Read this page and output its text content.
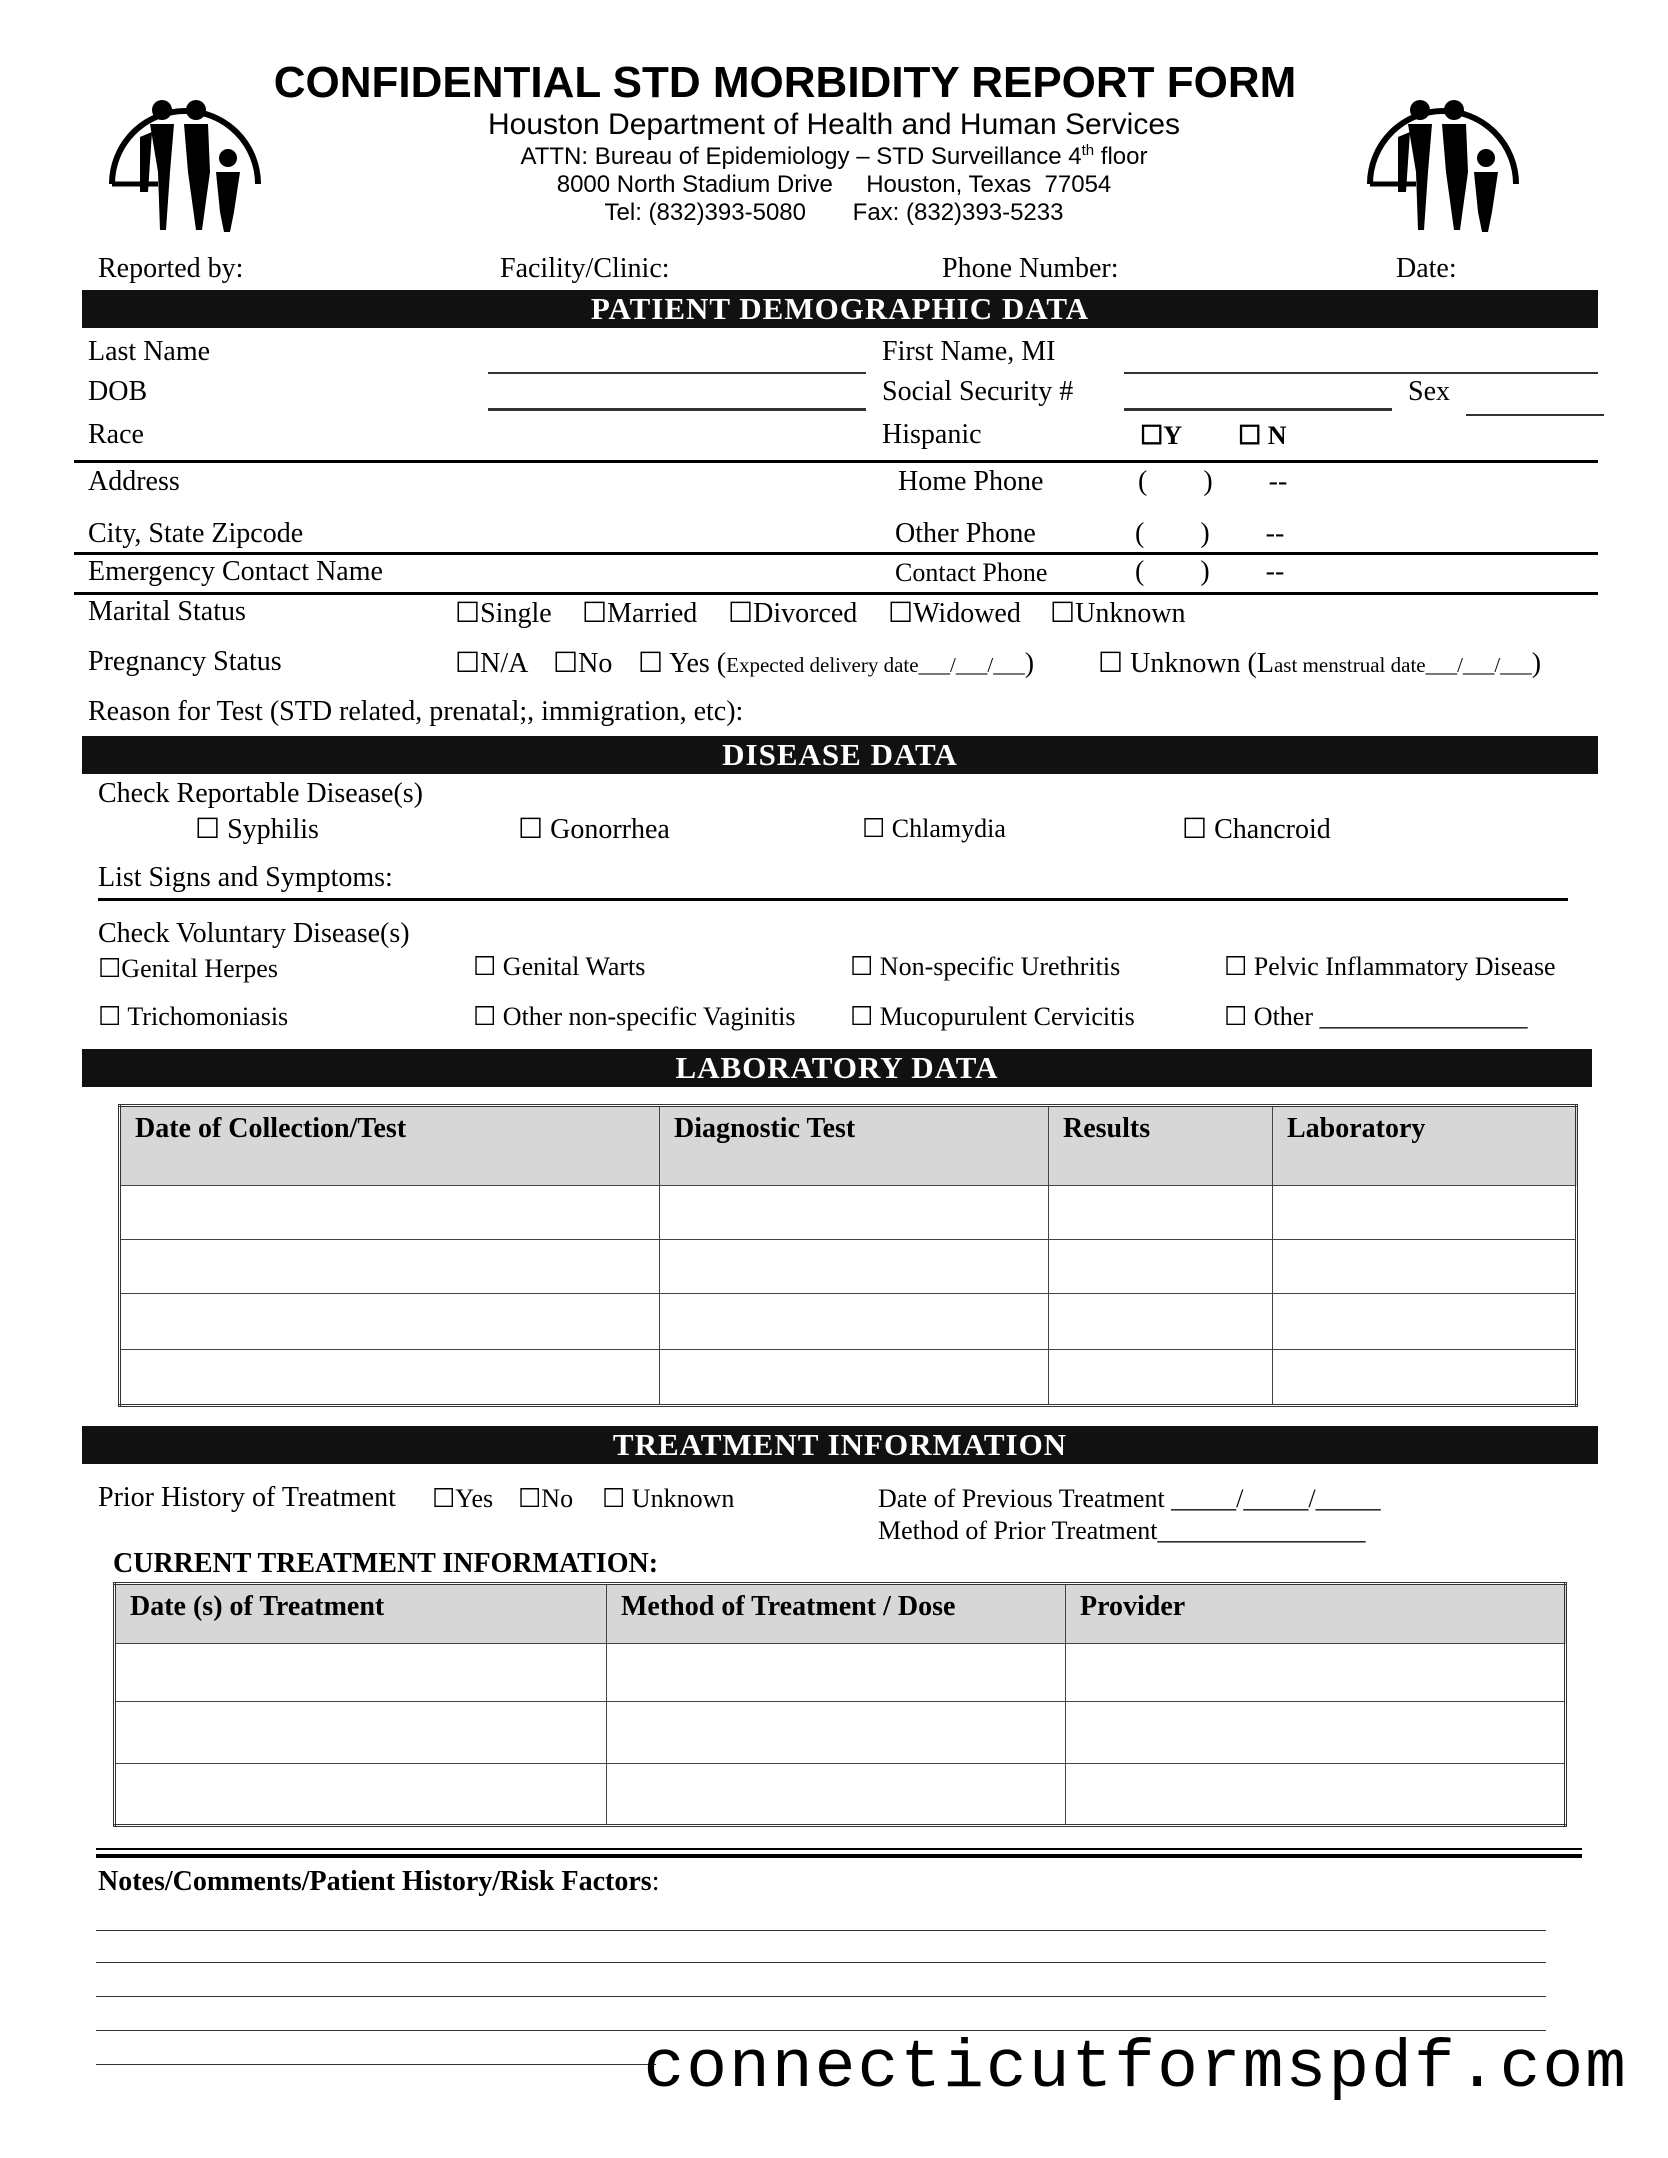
CONFIDENTIAL STD MORBIDITY REPORT FORM
Houston Department of Health and Human Services
ATTN: Bureau of Epidemiology – STD Surveillance 4th floor
8000 North Stadium Drive     Houston, Texas  77054
Tel: (832)393-5080       Fax: (832)393-5233
Reported by:	Facility/Clinic:	Phone Number:	Date:
PATIENT DEMOGRAPHIC DATA
Last Name	First Name, MI
DOB	Social Security #	Sex
Race	Hispanic	☐Y ☐ N
Address	Home Phone	(        )        --
City, State Zipcode	Other Phone	(        )        --
Emergency Contact Name	Contact Phone	(        )        --
Marital Status	☐Single ☐Married ☐Divorced ☐Widowed ☐Unknown
Pregnancy Status	☐N/A ☐No ☐ Yes (Expected delivery date___/___/___) ☐ Unknown (Last menstrual date___/___/___)
Reason for Test (STD related, prenatal;, immigration, etc):
DISEASE DATA
Check Reportable Disease(s)
☐ Syphilis	☐ Gonorrhea	☐ Chlamydia	☐ Chancroid
List Signs and Symptoms:
Check Voluntary Disease(s)
☐Genital Herpes	☐ Genital Warts	☐ Non-specific Urethritis	☐ Pelvic Inflammatory Disease
☐ Trichomoniasis	☐ Other non-specific Vaginitis ☐ Mucopurulent Cervicitis	☐ Other ________________
LABORATORY DATA
Date of Collection/Test	Diagnostic Test	Results	Laboratory

TREATMENT INFORMATION
Prior History of Treatment ☐Yes ☐No ☐ Unknown	Date of Previous Treatment _____/_____/_____
Method of Prior Treatment________________
CURRENT TREATMENT INFORMATION:
Date (s) of Treatment	Method of Treatment / Dose	Provider

Notes/Comments/Patient History/Risk Factors:
connecticutformspdf.com
